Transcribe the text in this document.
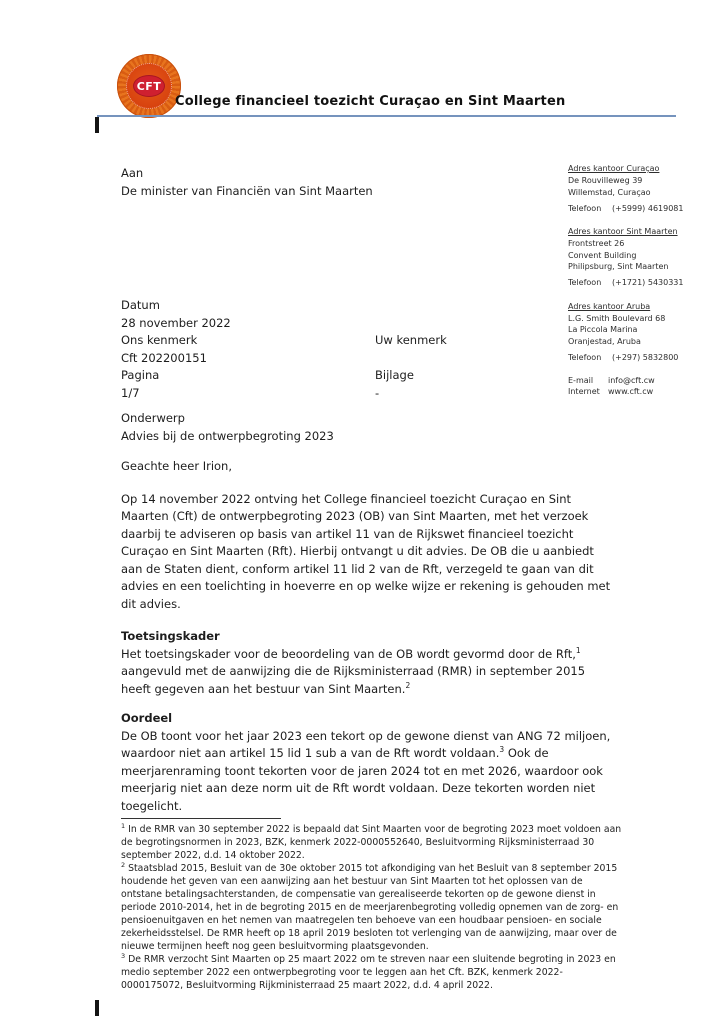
CFT
College financieel toezicht Curaçao en Sint Maarten
Adres kantoor Curaçao
De Rouvilleweg 39
Willemstad, Curaçao
Telefoon	(+5999) 4619081
Adres kantoor Sint Maarten
Frontstreet 26
Convent Building
Philipsburg, Sint Maarten
Telefoon	(+1721) 5430331
Adres kantoor Aruba
L.G. Smith Boulevard 68
La Piccola Marina
Oranjestad, Aruba
Telefoon	(+297) 5832800
E-mail	info@cft.cw
Internet	www.cft.cw
Aan
De minister van Financiën van Sint Maarten
Datum
28 november 2022
Ons kenmerk	Uw kenmerk
Cft 202200151
Pagina	Bijlage
1/7	-
Onderwerp
Advies bij de ontwerpbegroting 2023
Geachte heer Irion,

Op 14 november 2022 ontving het College financieel toezicht Curaçao en Sint Maarten (Cft) de ontwerpbegroting 2023 (OB) van Sint Maarten, met het verzoek daarbij te adviseren op basis van artikel 11 van de Rijkswet financieel toezicht Curaçao en Sint Maarten (Rft). Hierbij ontvangt u dit advies. De OB die u aanbiedt aan de Staten dient, conform artikel 11 lid 2 van de Rft, verzegeld te gaan van dit advies en een toelichting in hoeverre en op welke wijze er rekening is gehouden met dit advies.

Toetsingskader

Het toetsingskader voor de beoordeling van de OB wordt gevormd door de Rft,$^1$ aangevuld met de aanwijzing die de Rijksministerraad (RMR) in september 2015 heeft gegeven aan het bestuur van Sint Maarten.$^2$

Oordeel

De OB toont voor het jaar 2023 een tekort op de gewone dienst van ANG 72 miljoen, waardoor niet aan artikel 15 lid 1 sub a van de Rft wordt voldaan.$^3$ Ook de meerjarenraming toont tekorten voor de jaren 2024 tot en met 2026, waardoor ook meerjarig niet aan deze norm uit de Rft wordt voldaan. Deze tekorten worden niet toegelicht.

$^1$ In de RMR van 30 september 2022 is bepaald dat Sint Maarten voor de begroting 2023 moet voldoen aan de begrotingsnormen in 2023, BZK, kenmerk 2022-0000552640, Besluitvorming Rijksministerraad 30 september 2022, d.d. 14 oktober 2022.
$^2$ Staatsblad 2015, Besluit van de 30e oktober 2015 tot afkondiging van het Besluit van 8 september 2015 houdende het geven van een aanwijzing aan het bestuur van Sint Maarten tot het oplossen van de ontstane betalingsachterstanden, de compensatie van gerealiseerde tekorten op de gewone dienst in periode 2010-2014, het in de begroting 2015 en de meerjarenbegroting volledig opnemen van de zorg- en pensioenuitgaven en het nemen van maatregelen ten behoeve van een houdbaar pensioen- en sociale zekerheidsstelsel. De RMR heeft op 18 april 2019 besloten tot verlenging van de aanwijzing, maar over de nieuwe termijnen heeft nog geen besluitvorming plaatsgevonden.
$^3$ De RMR verzocht Sint Maarten op 25 maart 2022 om te streven naar een sluitende begroting in 2023 en medio september 2022 een ontwerpbegroting voor te leggen aan het Cft. BZK, kenmerk 2022-0000175072, Besluitvorming Rijkministerraad 25 maart 2022, d.d. 4 april 2022.
